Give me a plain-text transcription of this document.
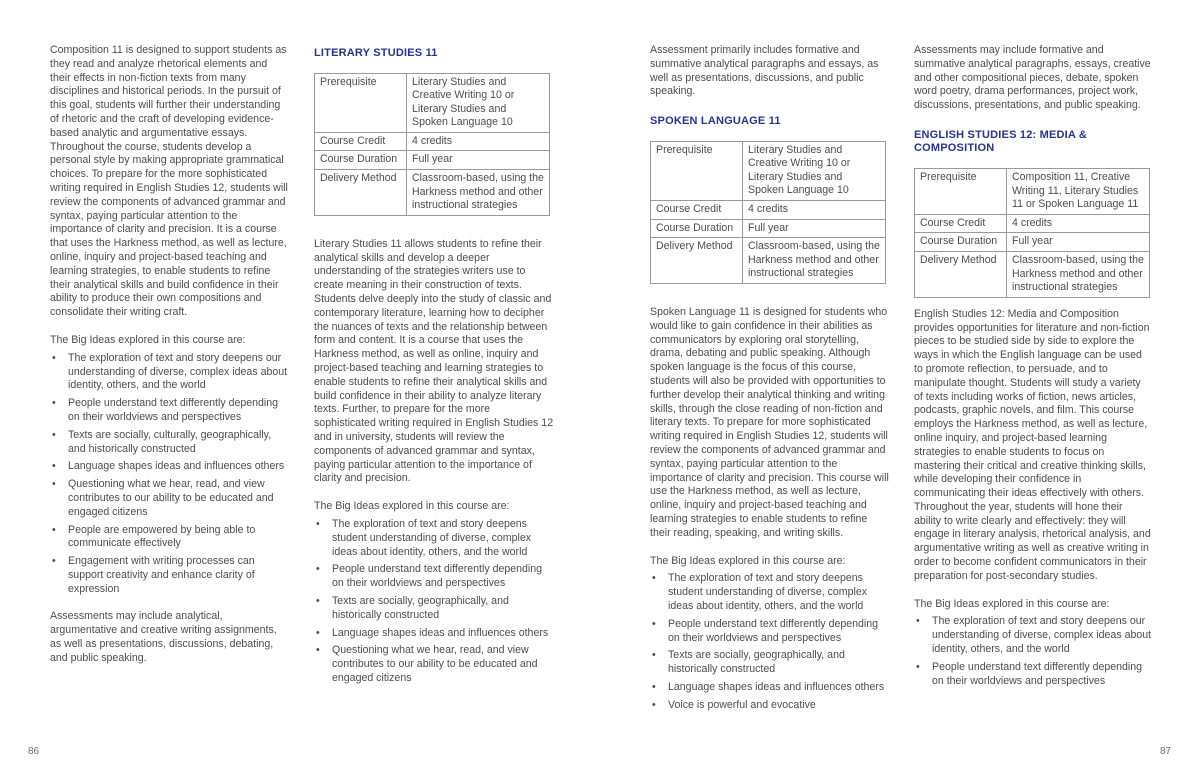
Composition 11 is designed to support students as they read and analyze rhetorical elements and their effects in non-fiction texts from many disciplines and historical periods. In the pursuit of this goal, students will further their understanding of rhetoric and the craft of developing evidence-based analytic and argumentative essays. Throughout the course, students develop a personal style by making appropriate grammatical choices. To prepare for the more sophisticated writing required in English Studies 12, students will review the components of advanced grammar and syntax, paying particular attention to the importance of clarity and precision. It is a course that uses the Harkness method, as well as lecture, online, inquiry and project-based teaching and learning strategies, to enable students to refine their analytical skills and build confidence in their ability to produce their own compositions and consolidate their writing craft.

The Big Ideas explored in this course are:

• The exploration of text and story deepens our understanding of diverse, complex ideas about identity, others, and the world
• People understand text differently depending on their worldviews and perspectives
• Texts are socially, culturally, geographically, and historically constructed
• Language shapes ideas and influences others
• Questioning what we hear, read, and view contributes to our ability to be educated and engaged citizens
• People are empowered by being able to communicate effectively
• Engagement with writing processes can support creativity and enhance clarity of expression

Assessments may include analytical, argumentative and creative writing assignments, as well as presentations, discussions, debating, and public speaking.

LITERARY STUDIES 11
Prerequisite	Literary Studies and Creative Writing 10 or Literary Studies and Spoken Language 10
Course Credit	4 credits
Course Duration	Full year
Delivery Method	Classroom-based, using the Harkness method and other instructional strategies

Literary Studies 11 allows students to refine their analytical skills and develop a deeper understanding of the strategies writers use to create meaning in their construction of texts. Students delve deeply into the study of classic and contemporary literature, learning how to decipher the nuances of texts and the relationship between form and content. It is a course that uses the Harkness method, as well as online, inquiry and project-based teaching and learning strategies to enable students to refine their analytical skills and build confidence in their ability to analyze literary texts. Further, to prepare for the more sophisticated writing required in English Studies 12 and in university, students will review the components of advanced grammar and syntax, paying particular attention to the importance of clarity and precision.

The Big Ideas explored in this course are:

• The exploration of text and story deepens student understanding of diverse, complex ideas about identity, others, and the world
• People understand text differently depending on their worldviews and perspectives
• Texts are socially, geographically, and historically constructed
• Language shapes ideas and influences others
• Questioning what we hear, read, and view contributes to our ability to be educated and engaged citizens

Assessment primarily includes formative and summative analytical paragraphs and essays, as well as presentations, discussions, and public speaking.

SPOKEN LANGUAGE 11
Prerequisite	Literary Studies and Creative Writing 10 or Literary Studies and Spoken Language 10
Course Credit	4 credits
Course Duration	Full year
Delivery Method	Classroom-based, using the Harkness method and other instructional strategies

Spoken Language 11 is designed for students who would like to gain confidence in their abilities as communicators by exploring oral storytelling, drama, debating and public speaking. Although spoken language is the focus of this course, students will also be provided with opportunities to further develop their analytical thinking and writing skills, through the close reading of non-fiction and literary texts. To prepare for more sophisticated writing required in English Studies 12, students will review the components of advanced grammar and syntax, paying particular attention to the importance of clarity and precision. This course will use the Harkness method, as well as lecture, online, inquiry and project-based teaching and learning strategies to enable students to refine their reading, speaking, and writing skills.

The Big Ideas explored in this course are:

• The exploration of text and story deepens student understanding of diverse, complex ideas about identity, others, and the world
• People understand text differently depending on their worldviews and perspectives
• Texts are socially, geographically, and historically constructed
• Language shapes ideas and influences others
• Voice is powerful and evocative

Assessments may include formative and summative analytical paragraphs, essays, creative and other compositional pieces, debate, spoken word poetry, drama performances, project work, discussions, presentations, and public speaking.

ENGLISH STUDIES 12: MEDIA & COMPOSITION
Prerequisite	Composition 11, Creative Writing 11, Literary Studies 11 or Spoken Language 11
Course Credit	4 credits
Course Duration	Full year
Delivery Method	Classroom-based, using the Harkness method and other instructional strategies

English Studies 12: Media and Composition provides opportunities for literature and non-fiction pieces to be studied side by side to explore the ways in which the English language can be used to promote reflection, to persuade, and to manipulate thought. Students will study a variety of texts including works of fiction, news articles, podcasts, graphic novels, and film. This course employs the Harkness method, as well as lecture, online inquiry, and project-based learning strategies to enable students to focus on mastering their critical and creative thinking skills, while developing their confidence in communicating their ideas effectively with others. Throughout the year, students will hone their ability to write clearly and effectively: they will engage in literary analysis, rhetorical analysis, and argumentative writing as well as creative writing in order to become confident communicators in their preparation for post-secondary studies.

The Big Ideas explored in this course are:

• The exploration of text and story deepens our understanding of diverse, complex ideas about identity, others, and the world
• People understand text differently depending on their worldviews and perspectives
86	87
